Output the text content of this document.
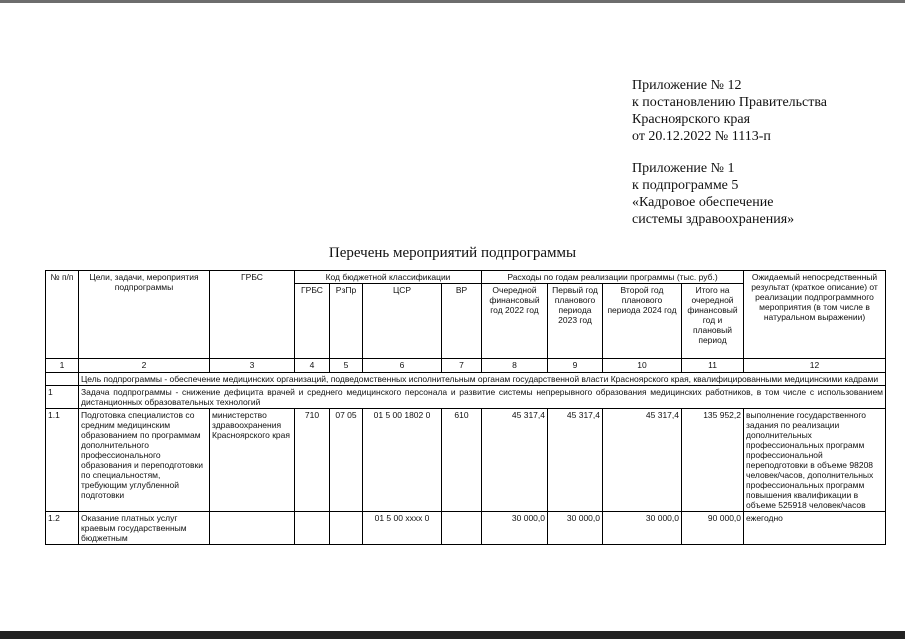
Приложение № 12
к постановлению Правительства
Красноярского края
от 20.12.2022 № 1113-п
Приложение № 1
к подпрограмме 5
«Кадровое обеспечение
системы здравоохранения»
Перечень мероприятий подпрограммы
№ п/п	Цели, задачи, мероприятия подпрограммы	ГРБС	Код бюджетной классификации				Расходы по годам реализации программы (тыс. руб.)				Ожидаемый непосредственный результат (краткое описание) от реализации подпрограммного мероприятия (в том числе в натуральном выражении)
			ГРБС	РзПр	ЦСР	ВР	Очередной финансовый год 2022 год	Первый год планового периода 2023 год	Второй год планового периода 2024 год	Итого на очередной финансовый год и плановый период	
1	2	3	4	5	6	7	8	9	10	11	12
	Цель подпрограммы - обеспечение медицинских организаций, подведомственных исполнительным органам государственной власти Красноярского края, квалифицированными медицинскими кадрами										
1	Задача подпрограммы - снижение дефицита врачей и среднего медицинского персонала и развитие системы непрерывного образования медицинских работников, в том числе с использованием дистанционных образовательных технологий										
1.1	Подготовка специалистов со средним медицинским образованием по программам дополнительного профессионального образования и переподготовки по специальностям, требующим углубленной подготовки	министерство здравоохранения Красноярского края	710	07 05	01 5 00 1802 0	610	45 317,4	45 317,4	45 317,4	135 952,2	выполнение государственного задания по реализации дополнительных профессиональных программ профессиональной переподготовки в объеме 98208 человек/часов, дополнительных профессиональных программ повышения квалификации в объеме 525918 человек/часов
1.2	Оказание платных услуг краевым государственным бюджетным				01 5 00 xxxx 0		30 000,0	30 000,0	30 000,0	90 000,0	ежегодно
